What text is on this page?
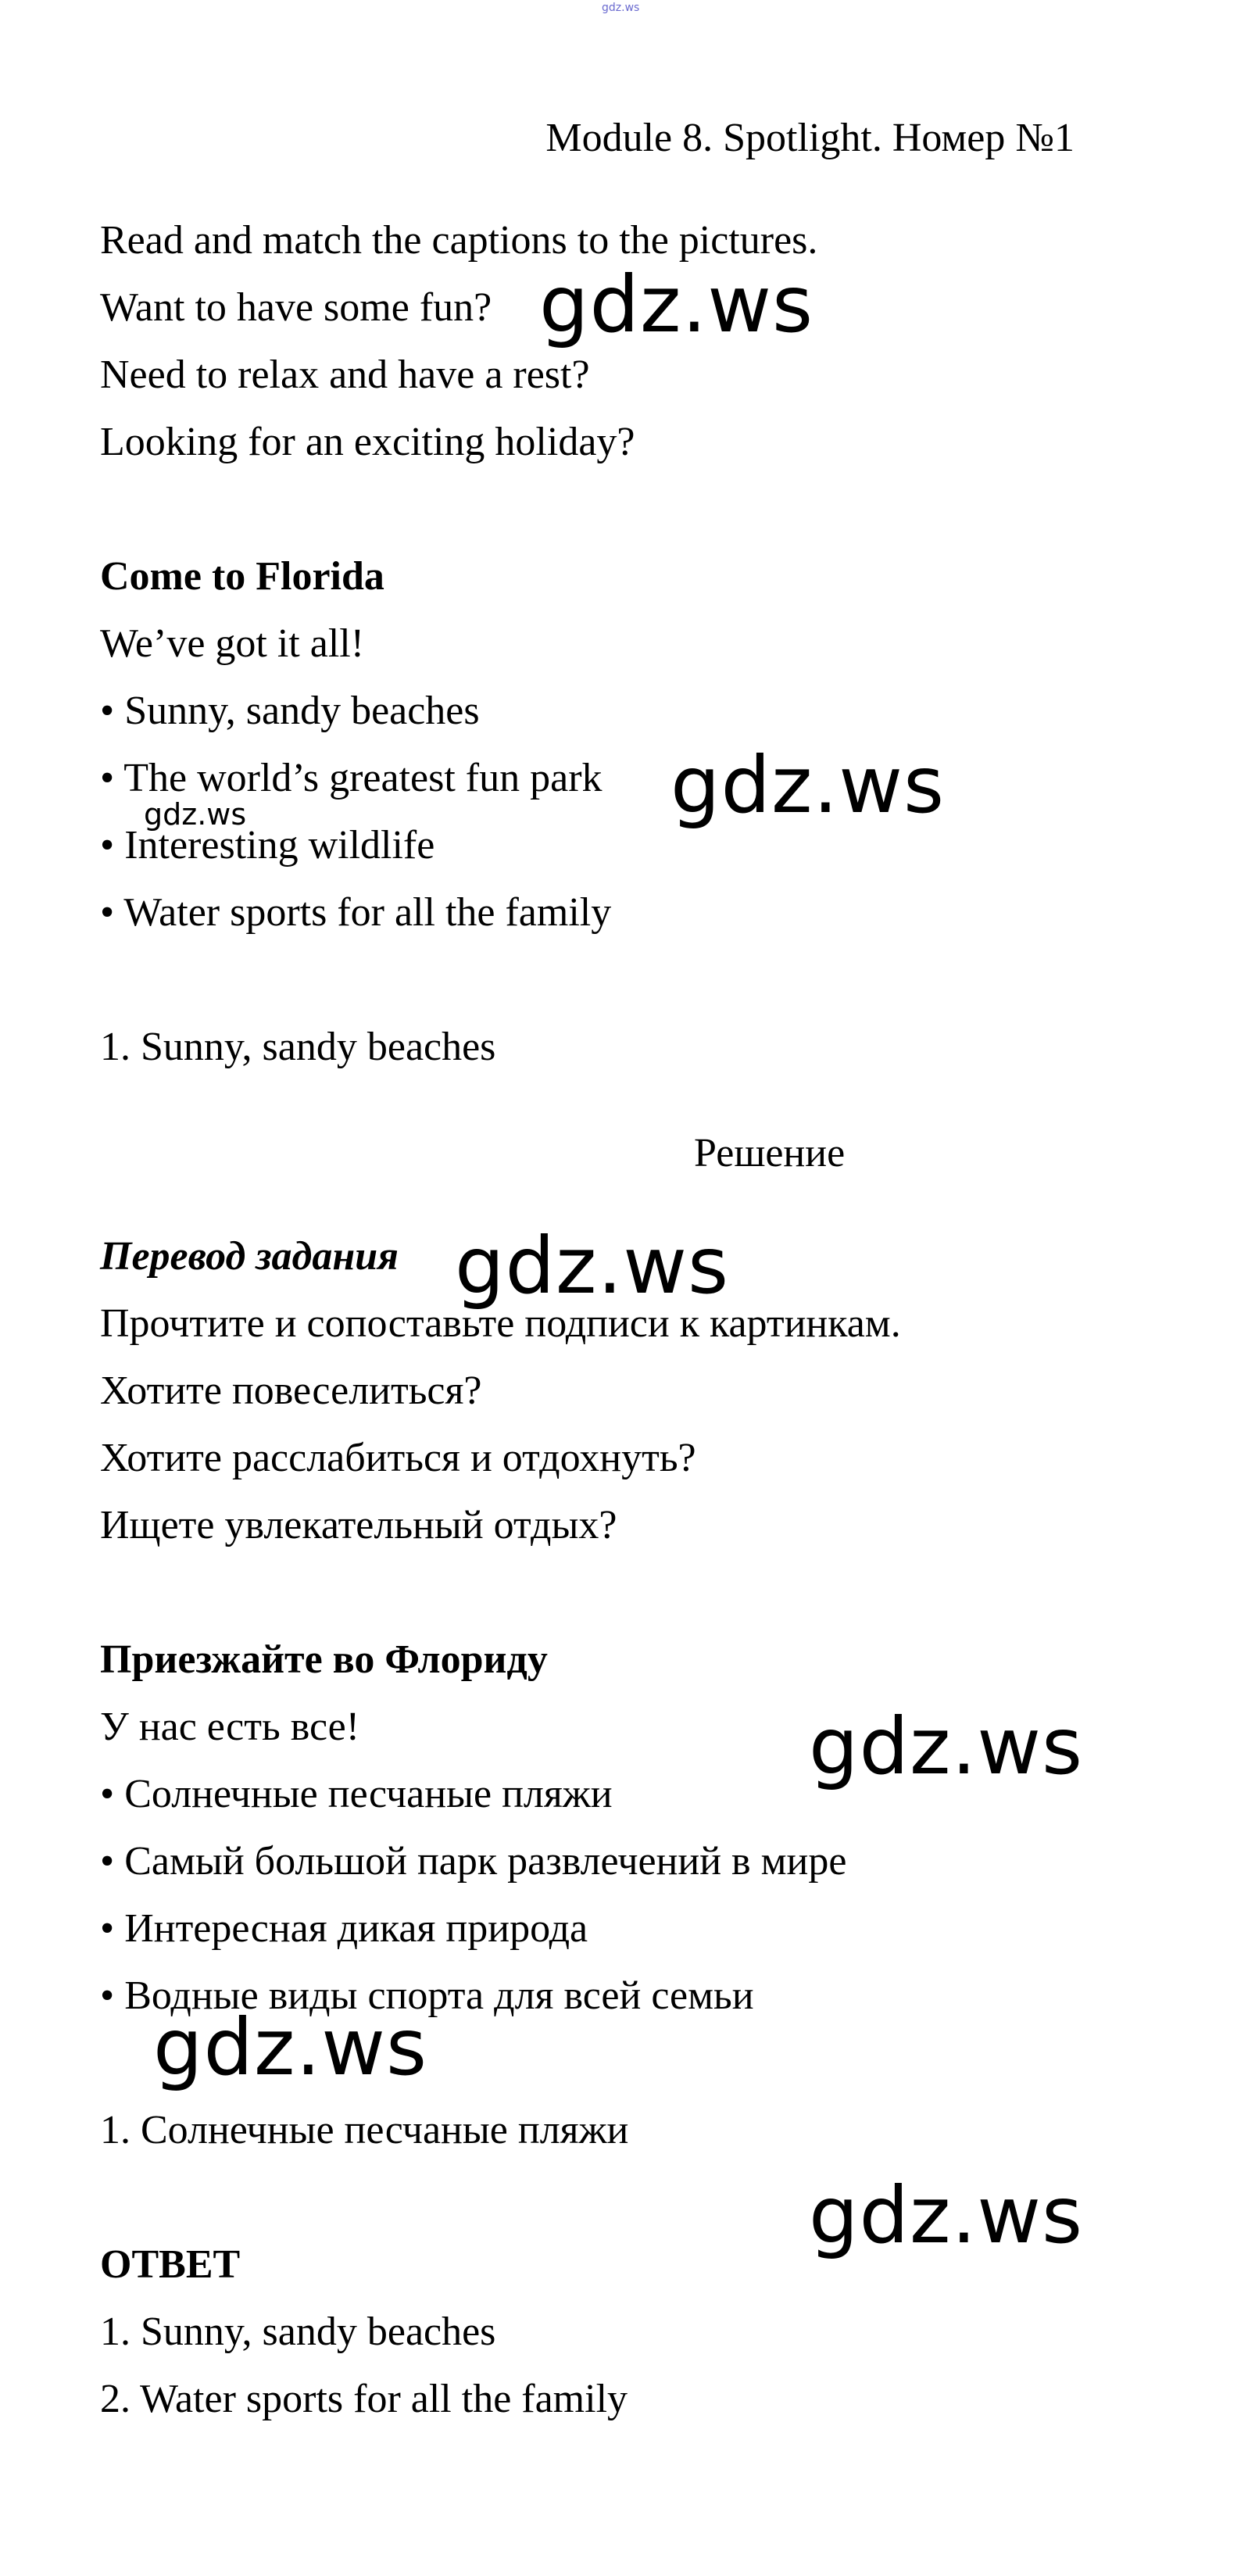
gdz.ws
Module 8. Spotlight. Номер №1
Read and match the captions to the pictures.
Want to have some fun?
Need to relax and have a rest?
Looking for an exciting holiday?
Come to Florida
We’ve got it all!
• Sunny, sandy beaches
• The world’s greatest fun park
• Interesting wildlife
• Water sports for all the family
1. Sunny, sandy beaches
Решение
Перевод задания
Прочтите и сопоставьте подписи к картинкам.
Хотите повеселиться?
Хотите расслабиться и отдохнуть?
Ищете увлекательный отдых?
Приезжайте во Флориду
У нас есть все!
• Солнечные песчаные пляжи
• Самый большой парк развлечений в мире
• Интересная дикая природа
• Водные виды спорта для всей семьи
1. Солнечные песчаные пляжи
ОТВЕТ
1. Sunny, sandy beaches
2. Water sports for all the family
gdz.ws
gdz.ws
gdz.ws
gdz.ws
gdz.ws
gdz.ws
gdz.ws
